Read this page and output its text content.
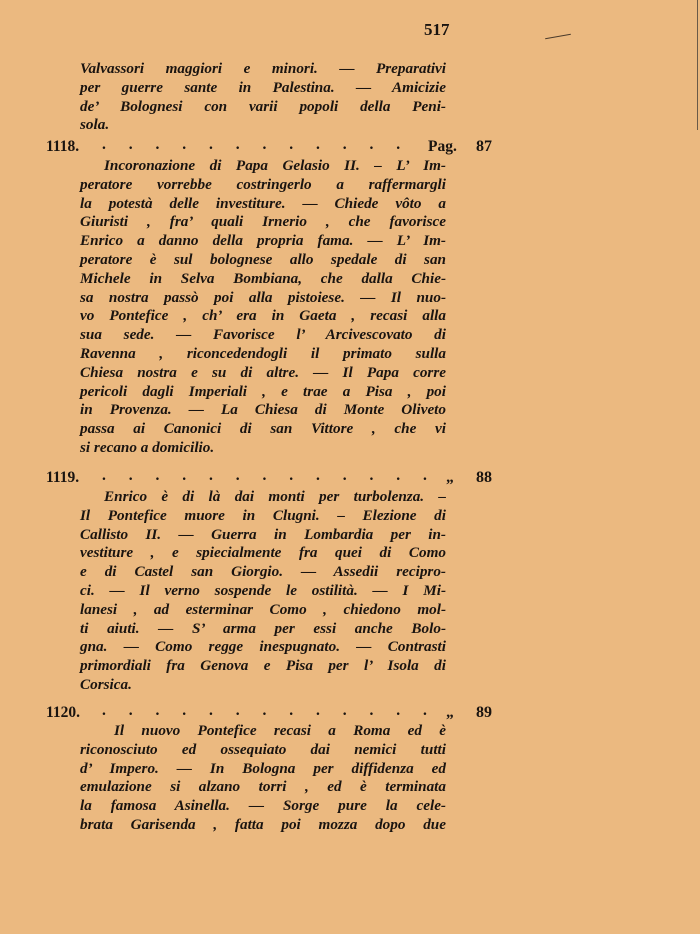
517
Valvassori maggiori e minori. — Preparativi
per guerre sante in Palestina. — Amicizie
de’ Bolognesi con varii popoli della Peni-
sola.
1118. . . . . . . . . . . . . Pag. 87
Incoronazione di Papa Gelasio II. – L’ Im-
peratore vorrebbe costringerlo a raffermargli
la potestà delle investiture. — Chiede vôto a
Giuristi , fra’ quali Irnerio , che favorisce
Enrico a danno della propria fama. — L’ Im-
peratore è sul bolognese allo spedale di san
Michele in Selva Bombiana, che dalla Chie-
sa nostra passò poi alla pistoiese. — Il nuo-
vo Pontefice , ch’ era in Gaeta , recasi alla
sua sede. — Favorisce l’ Arcivescovato di
Ravenna , riconcedendogli il primato sulla
Chiesa nostra e su di altre. — Il Papa corre
pericoli dagli Imperiali , e trae a Pisa , poi
in Provenza. — La Chiesa di Monte Oliveto
passa ai Canonici di san Vittore , che vi
si recano a domicilio.
1119. . . . . . . . . . . . . . „ 88
Enrico è di là dai monti per turbolenza. –
Il Pontefice muore in Clugni. – Elezione di
Callisto II. — Guerra in Lombardia per in-
vestiture , e spiecialmente fra quei di Como
e di Castel san Giorgio. — Assedii recipro-
ci. — Il verno sospende le ostilità. — I Mi-
lanesi , ad esterminar Como , chiedono mol-
ti aiuti. — S’ arma per essi anche Bolo-
gna. — Como regge inespugnato. — Contrasti
primordiali fra Genova e Pisa per l’ Isola di
Corsica.
1120. . . . . . . . . . . . . . „ 89
Il nuovo Pontefice recasi a Roma ed è
riconosciuto ed ossequiato dai nemici tutti
d’ Impero. — In Bologna per diffidenza ed
emulazione si alzano torri , ed è terminata
la famosa Asinella. — Sorge pure la cele-
brata Garisenda , fatta poi mozza dopo due
